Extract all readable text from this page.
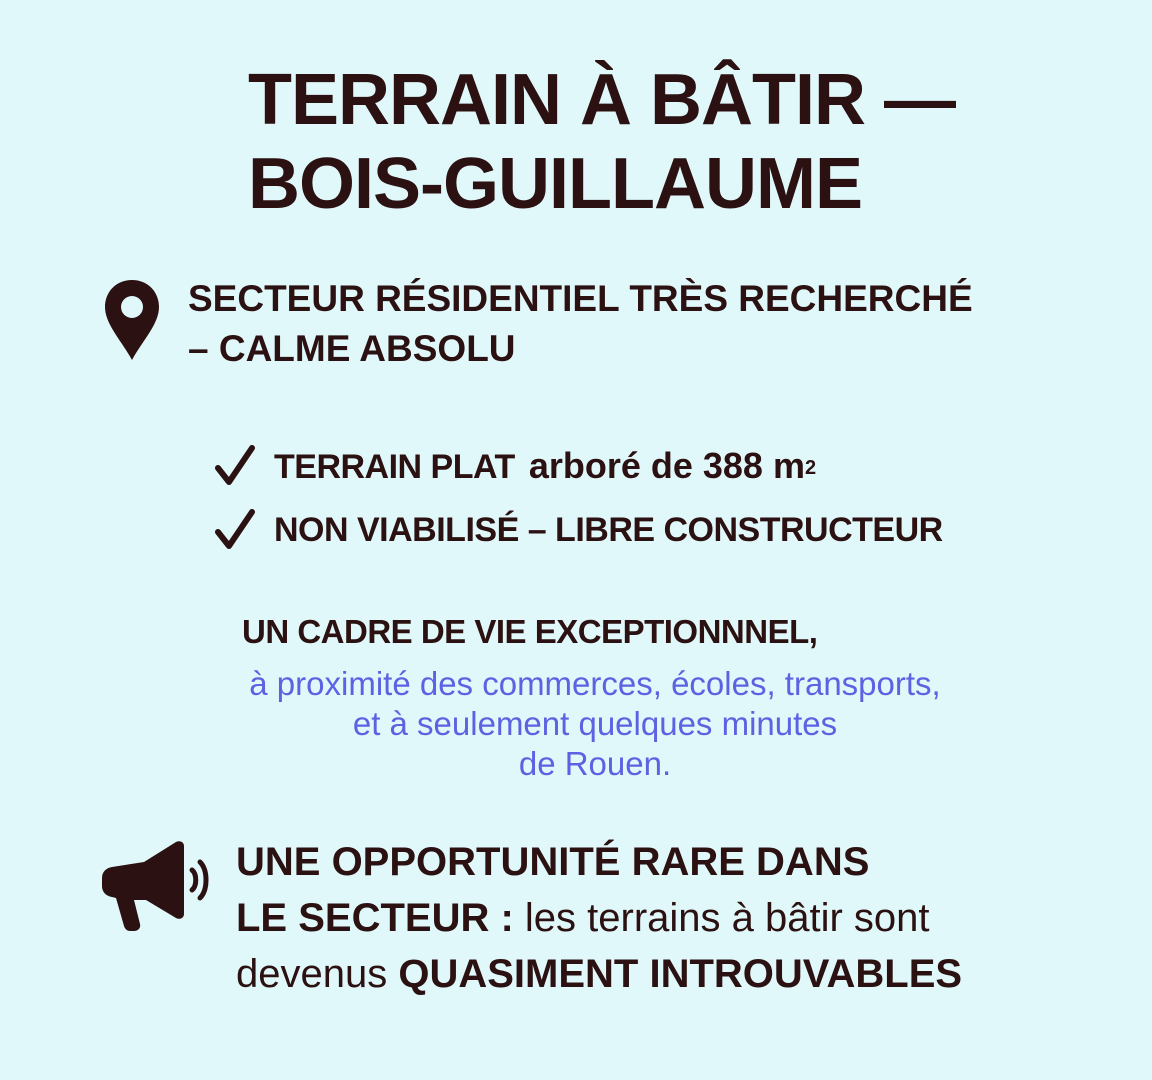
TERRAIN À BÂTIR —
BOIS-GUILLAUME
SECTEUR RÉSIDENTIEL TRÈS RECHERCHÉ
– CALME ABSOLU
TERRAIN PLAT arboré de 388 $m^2$
NON VIABILISÉ – LIBRE CONSTRUCTEUR
UN CADRE DE VIE EXCEPTIONNNEL,
à proximité des commerces, écoles, transports,
et à seulement quelques minutes
de Rouen.
UNE OPPORTUNITÉ RARE DANS
LE SECTEUR : les terrains à bâtir sont
devenus QUASIMENT INTROUVABLES
